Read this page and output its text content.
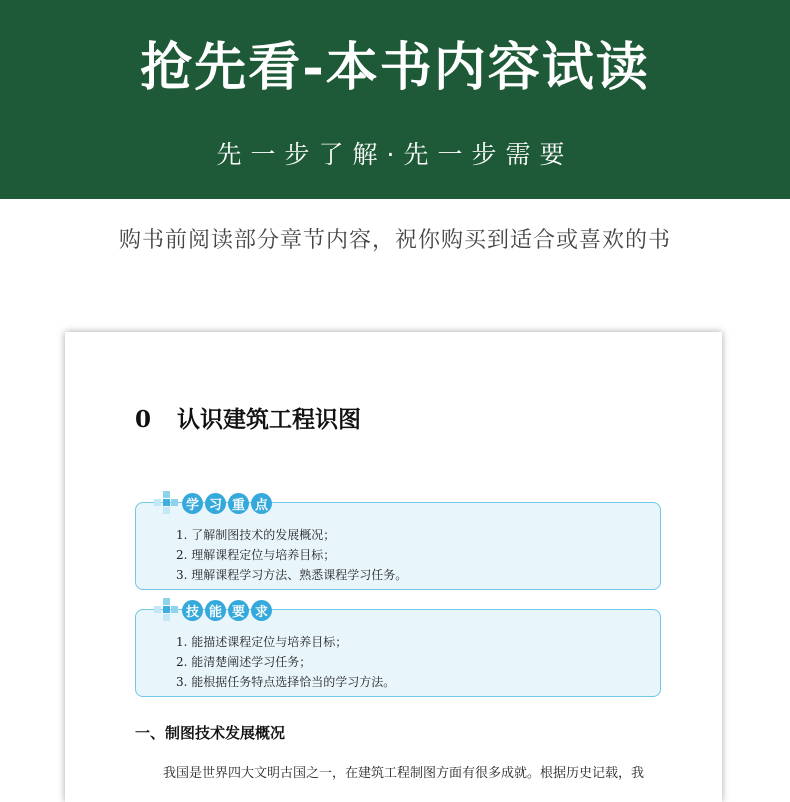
抢先看-本书内容试读
先一步了解·先一步需要
购书前阅读部分章节内容，祝你购买到适合或喜欢的书
0 认识建筑工程识图
学 习 重 点
1. 了解制图技术的发展概况；
2. 理解课程定位与培养目标；
3. 理解课程学习方法、熟悉课程学习任务。
技 能 要 求
1. 能描述课程定位与培养目标；
2. 能清楚阐述学习任务；
3. 能根据任务特点选择恰当的学习方法。
一、制图技术发展概况
我国是世界四大文明古国之一，在建筑工程制图方面有很多成就。根据历史记载，我
